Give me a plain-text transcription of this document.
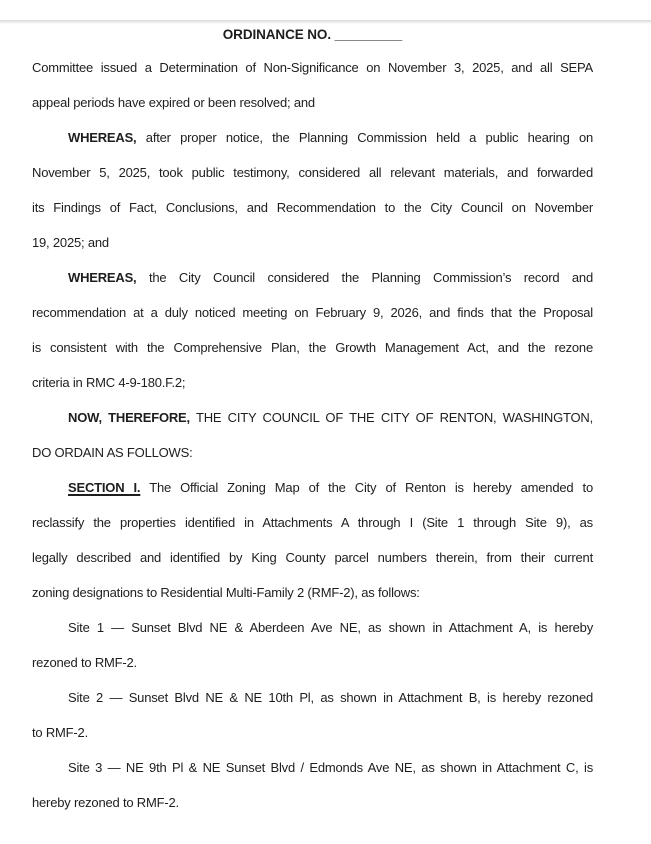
ORDINANCE NO. _________
Committee issued a Determination of Non-Significance on November 3, 2025, and all SEPA
appeal periods have expired or been resolved; and
WHEREAS, after proper notice, the Planning Commission held a public hearing on
November 5, 2025, took public testimony, considered all relevant materials, and forwarded
its Findings of Fact, Conclusions, and Recommendation to the City Council on November
19, 2025; and
WHEREAS, the City Council considered the Planning Commission’s record and
recommendation at a duly noticed meeting on February 9, 2026, and finds that the Proposal
is consistent with the Comprehensive Plan, the Growth Management Act, and the rezone
criteria in RMC 4-9-180.F.2;
NOW, THEREFORE, THE CITY COUNCIL OF THE CITY OF RENTON, WASHINGTON,
DO ORDAIN AS FOLLOWS:
SECTION I. The Official Zoning Map of the City of Renton is hereby amended to
reclassify the properties identified in Attachments A through I (Site 1 through Site 9), as
legally described and identified by King County parcel numbers therein, from their current
zoning designations to Residential Multi-Family 2 (RMF-2), as follows:
Site 1 — Sunset Blvd NE & Aberdeen Ave NE, as shown in Attachment A, is hereby
rezoned to RMF-2.
Site 2 — Sunset Blvd NE & NE 10th Pl, as shown in Attachment B, is hereby rezoned
to RMF-2.
Site 3 — NE 9th Pl & NE Sunset Blvd / Edmonds Ave NE, as shown in Attachment C, is
hereby rezoned to RMF-2.
